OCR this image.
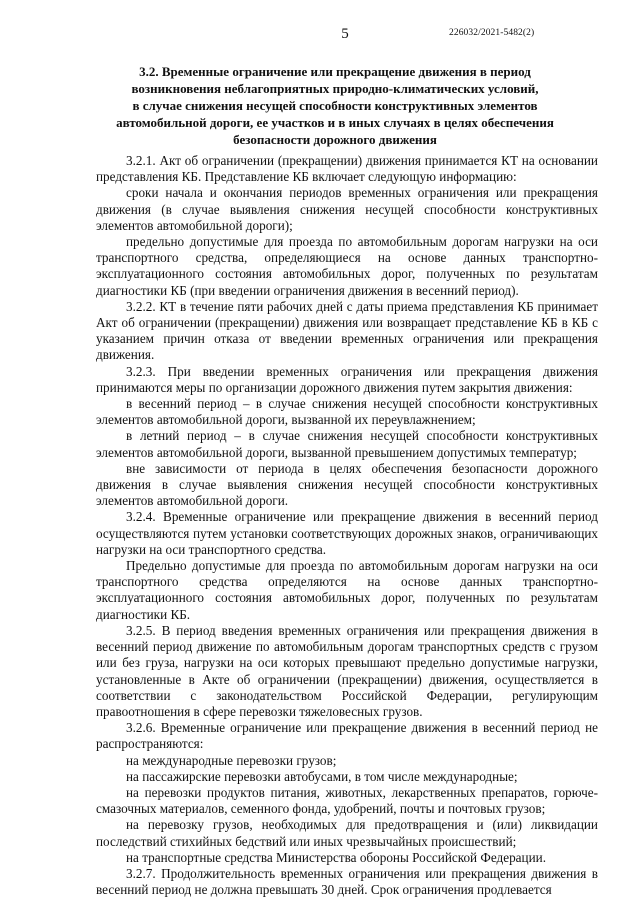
5	226032/2021-5482(2)
3.2. Временные ограничение или прекращение движения в период
возникновения неблагоприятных природно-климатических условий,
в случае снижения несущей способности конструктивных элементов
автомобильной дороги, ее участков и в иных случаях в целях обеспечения
безопасности дорожного движения

3.2.1. Акт об ограничении (прекращении) движения принимается КТ на основании представления КБ. Представление КБ включает следующую информацию:

сроки начала и окончания периодов временных ограничения или прекращения движения (в случае выявления снижения несущей способности конструктивных элементов автомобильной дороги);

предельно допустимые для проезда по автомобильным дорогам нагрузки на оси транспортного средства, определяющиеся на основе данных транспортно-эксплуатационного состояния автомобильных дорог, полученных по результатам диагностики КБ (при введении ограничения движения в весенний период).

3.2.2. КТ в течение пяти рабочих дней с даты приема представления КБ принимает Акт об ограничении (прекращении) движения или возвращает представление КБ в КБ с указанием причин отказа от введении временных ограничения или прекращения движения.

3.2.3. При введении временных ограничения или прекращения движения принимаются меры по организации дорожного движения путем закрытия движения:

в весенний период – в случае снижения несущей способности конструктивных элементов автомобильной дороги, вызванной их переувлажнением;

в летний период – в случае снижения несущей способности конструктивных элементов автомобильной дороги, вызванной превышением допустимых температур;

вне зависимости от периода в целях обеспечения безопасности дорожного движения в случае выявления снижения несущей способности конструктивных элементов автомобильной дороги.

3.2.4. Временные ограничение или прекращение движения в весенний период осуществляются путем установки соответствующих дорожных знаков, ограничивающих нагрузки на оси транспортного средства.

Предельно допустимые для проезда по автомобильным дорогам нагрузки на оси транспортного средства определяются на основе данных транспортно-эксплуатационного состояния автомобильных дорог, полученных по результатам диагностики КБ.

3.2.5. В период введения временных ограничения или прекращения движения в весенний период движение по автомобильным дорогам транспортных средств с грузом или без груза, нагрузки на оси которых превышают предельно допустимые нагрузки, установленные в Акте об ограничении (прекращении) движения, осуществляется в соответствии с законодательством Российской Федерации, регулирующим правоотношения в сфере перевозки тяжеловесных грузов.

3.2.6. Временные ограничение или прекращение движения в весенний период не распространяются:

на международные перевозки грузов;

на пассажирские перевозки автобусами, в том числе международные;

на перевозки продуктов питания, животных, лекарственных препаратов, горюче-смазочных материалов, семенного фонда, удобрений, почты и почтовых грузов;

на перевозку грузов, необходимых для предотвращения и (или) ликвидации последствий стихийных бедствий или иных чрезвычайных происшествий;

на транспортные средства Министерства обороны Российской Федерации.

3.2.7. Продолжительность временных ограничения или прекращения движения в весенний период не должна превышать 30 дней. Срок ограничения продлевается
